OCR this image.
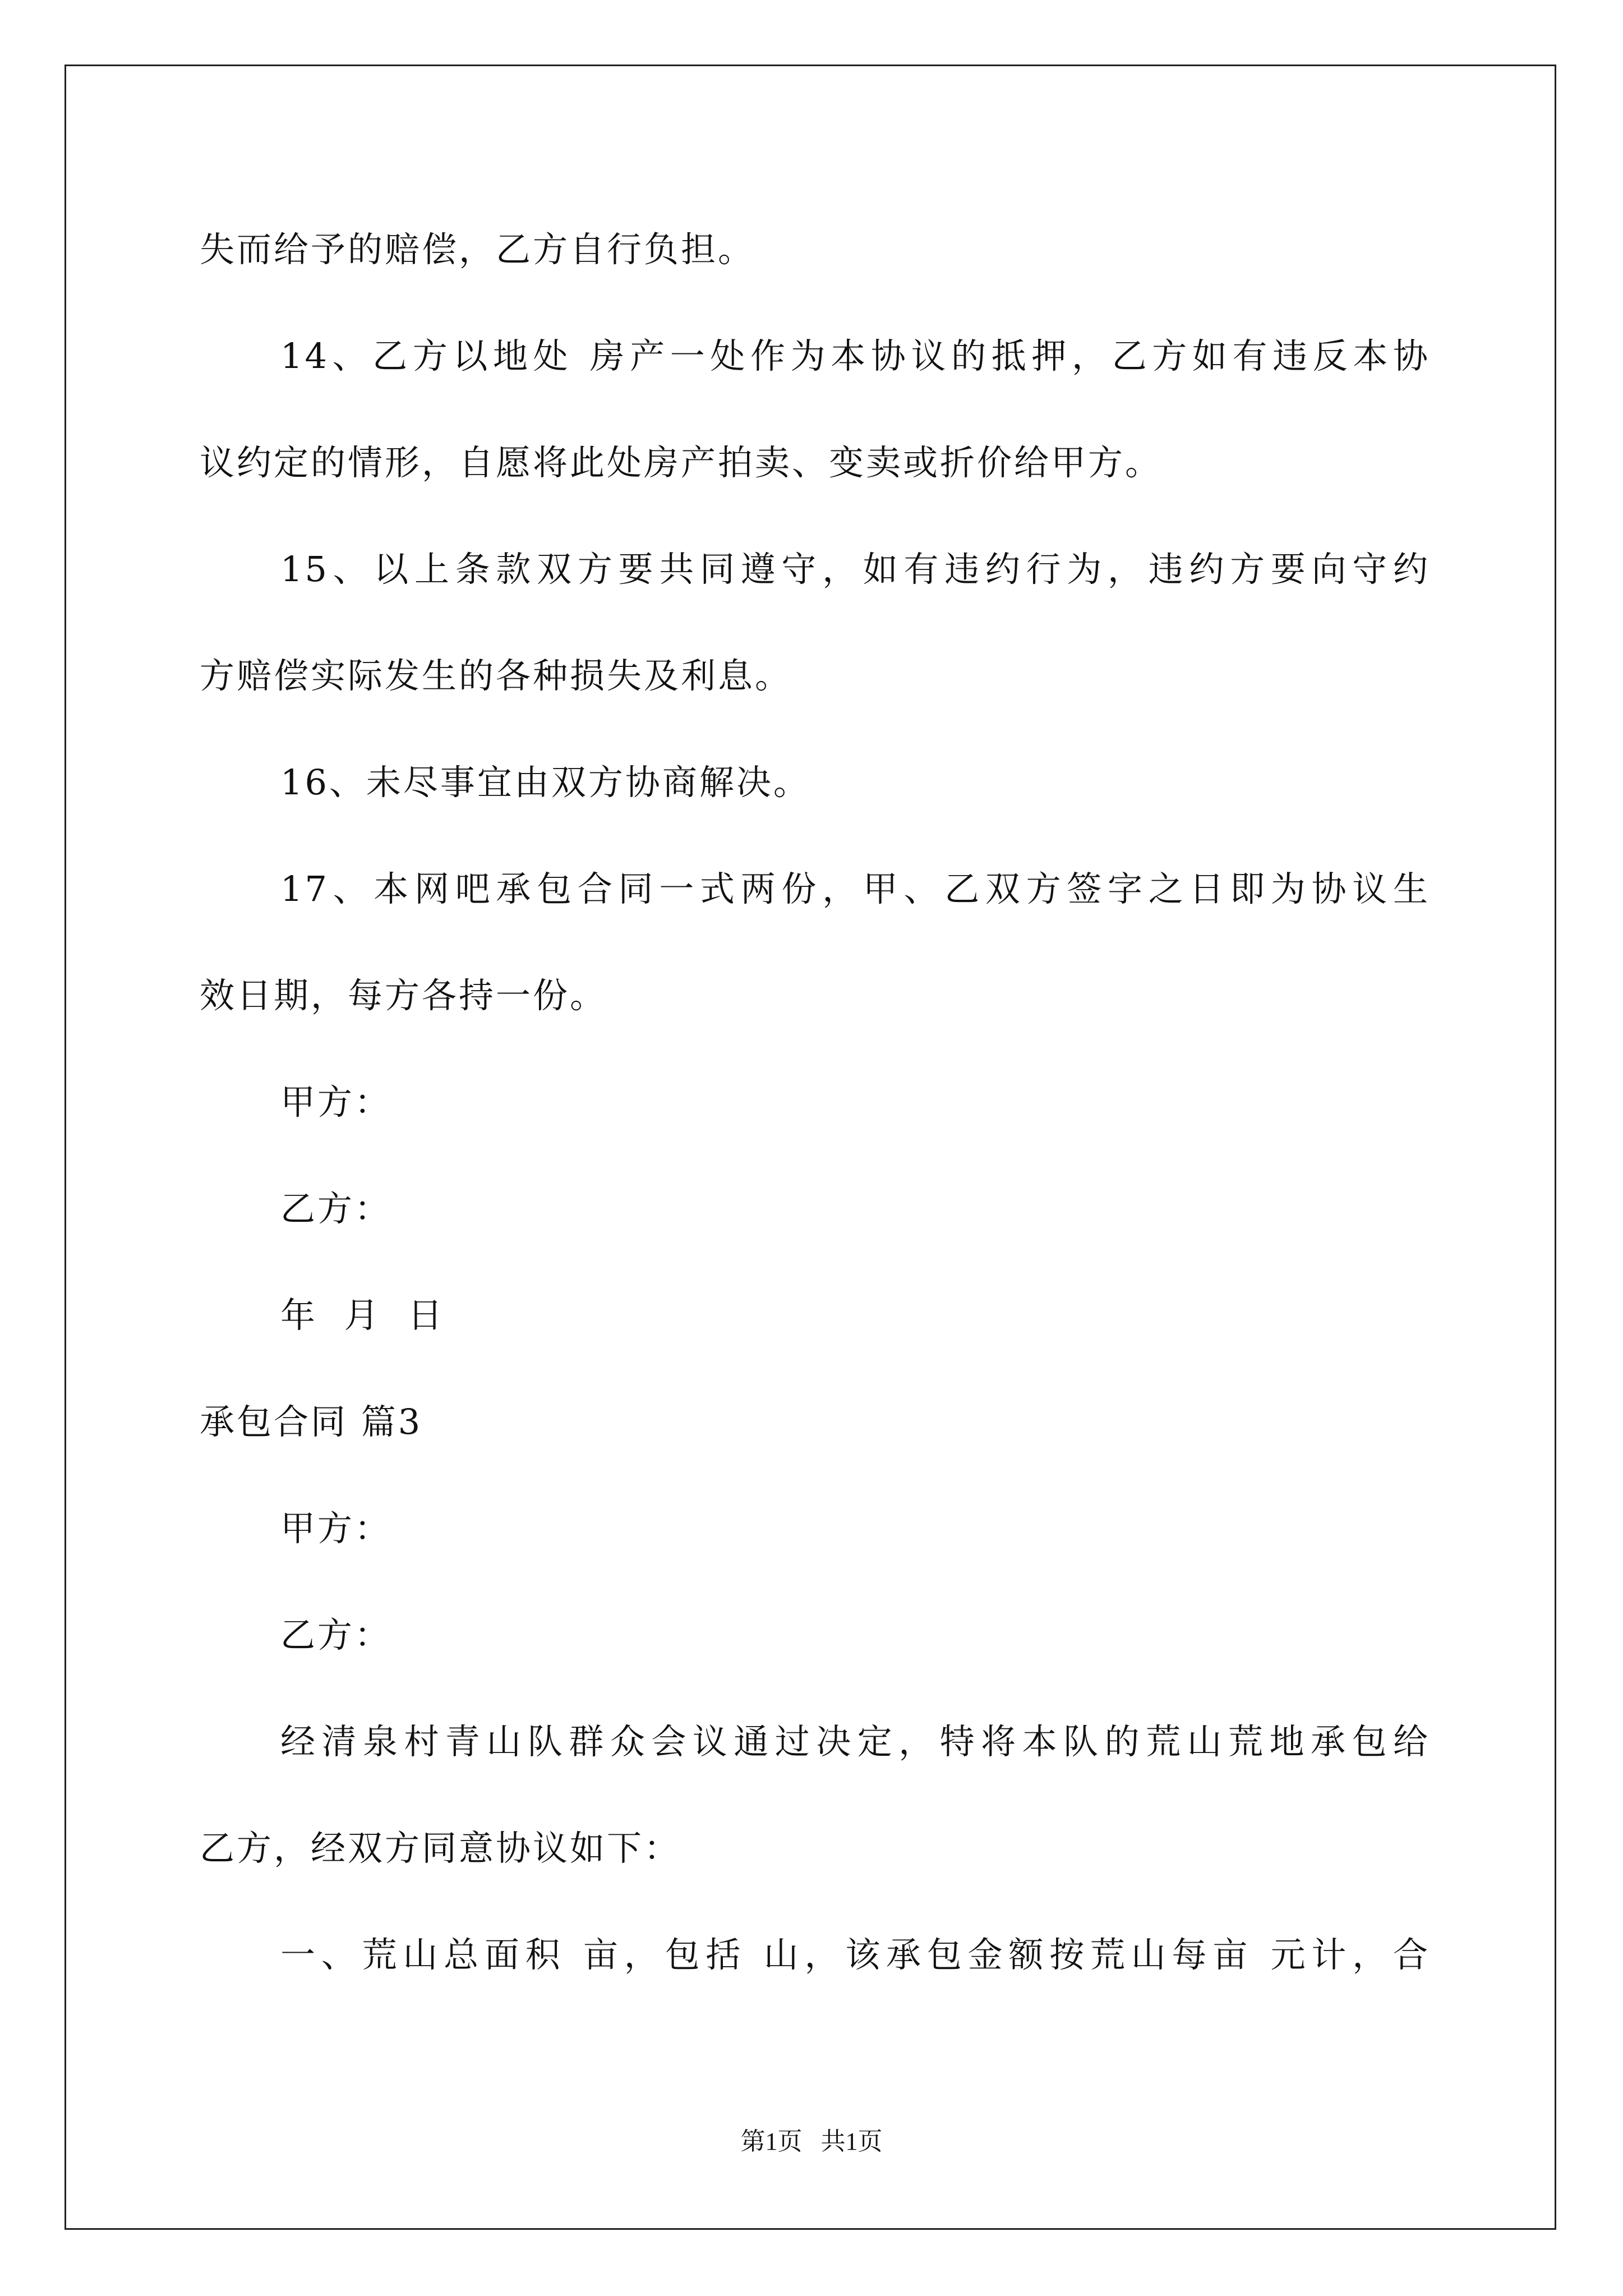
失而给予的赔偿，乙方自行负担。
14、乙方以地处 房产一处作为本协议的抵押，乙方如有违反本协
议约定的情形，自愿将此处房产拍卖、变卖或折价给甲方。
15、以上条款双方要共同遵守，如有违约行为，违约方要向守约
方赔偿实际发生的各种损失及利息。
16、未尽事宜由双方协商解决。
17、本网吧承包合同一式两份，甲、乙双方签字之日即为协议生
效日期，每方各持一份。
甲方：
乙方：
年  月  日
承包合同 篇3
甲方：
乙方：
经清泉村青山队群众会议通过决定，特将本队的荒山荒地承包给
乙方，经双方同意协议如下：
一、荒山总面积 亩，包括 山，该承包金额按荒山每亩 元计，合
第1页   共1页
